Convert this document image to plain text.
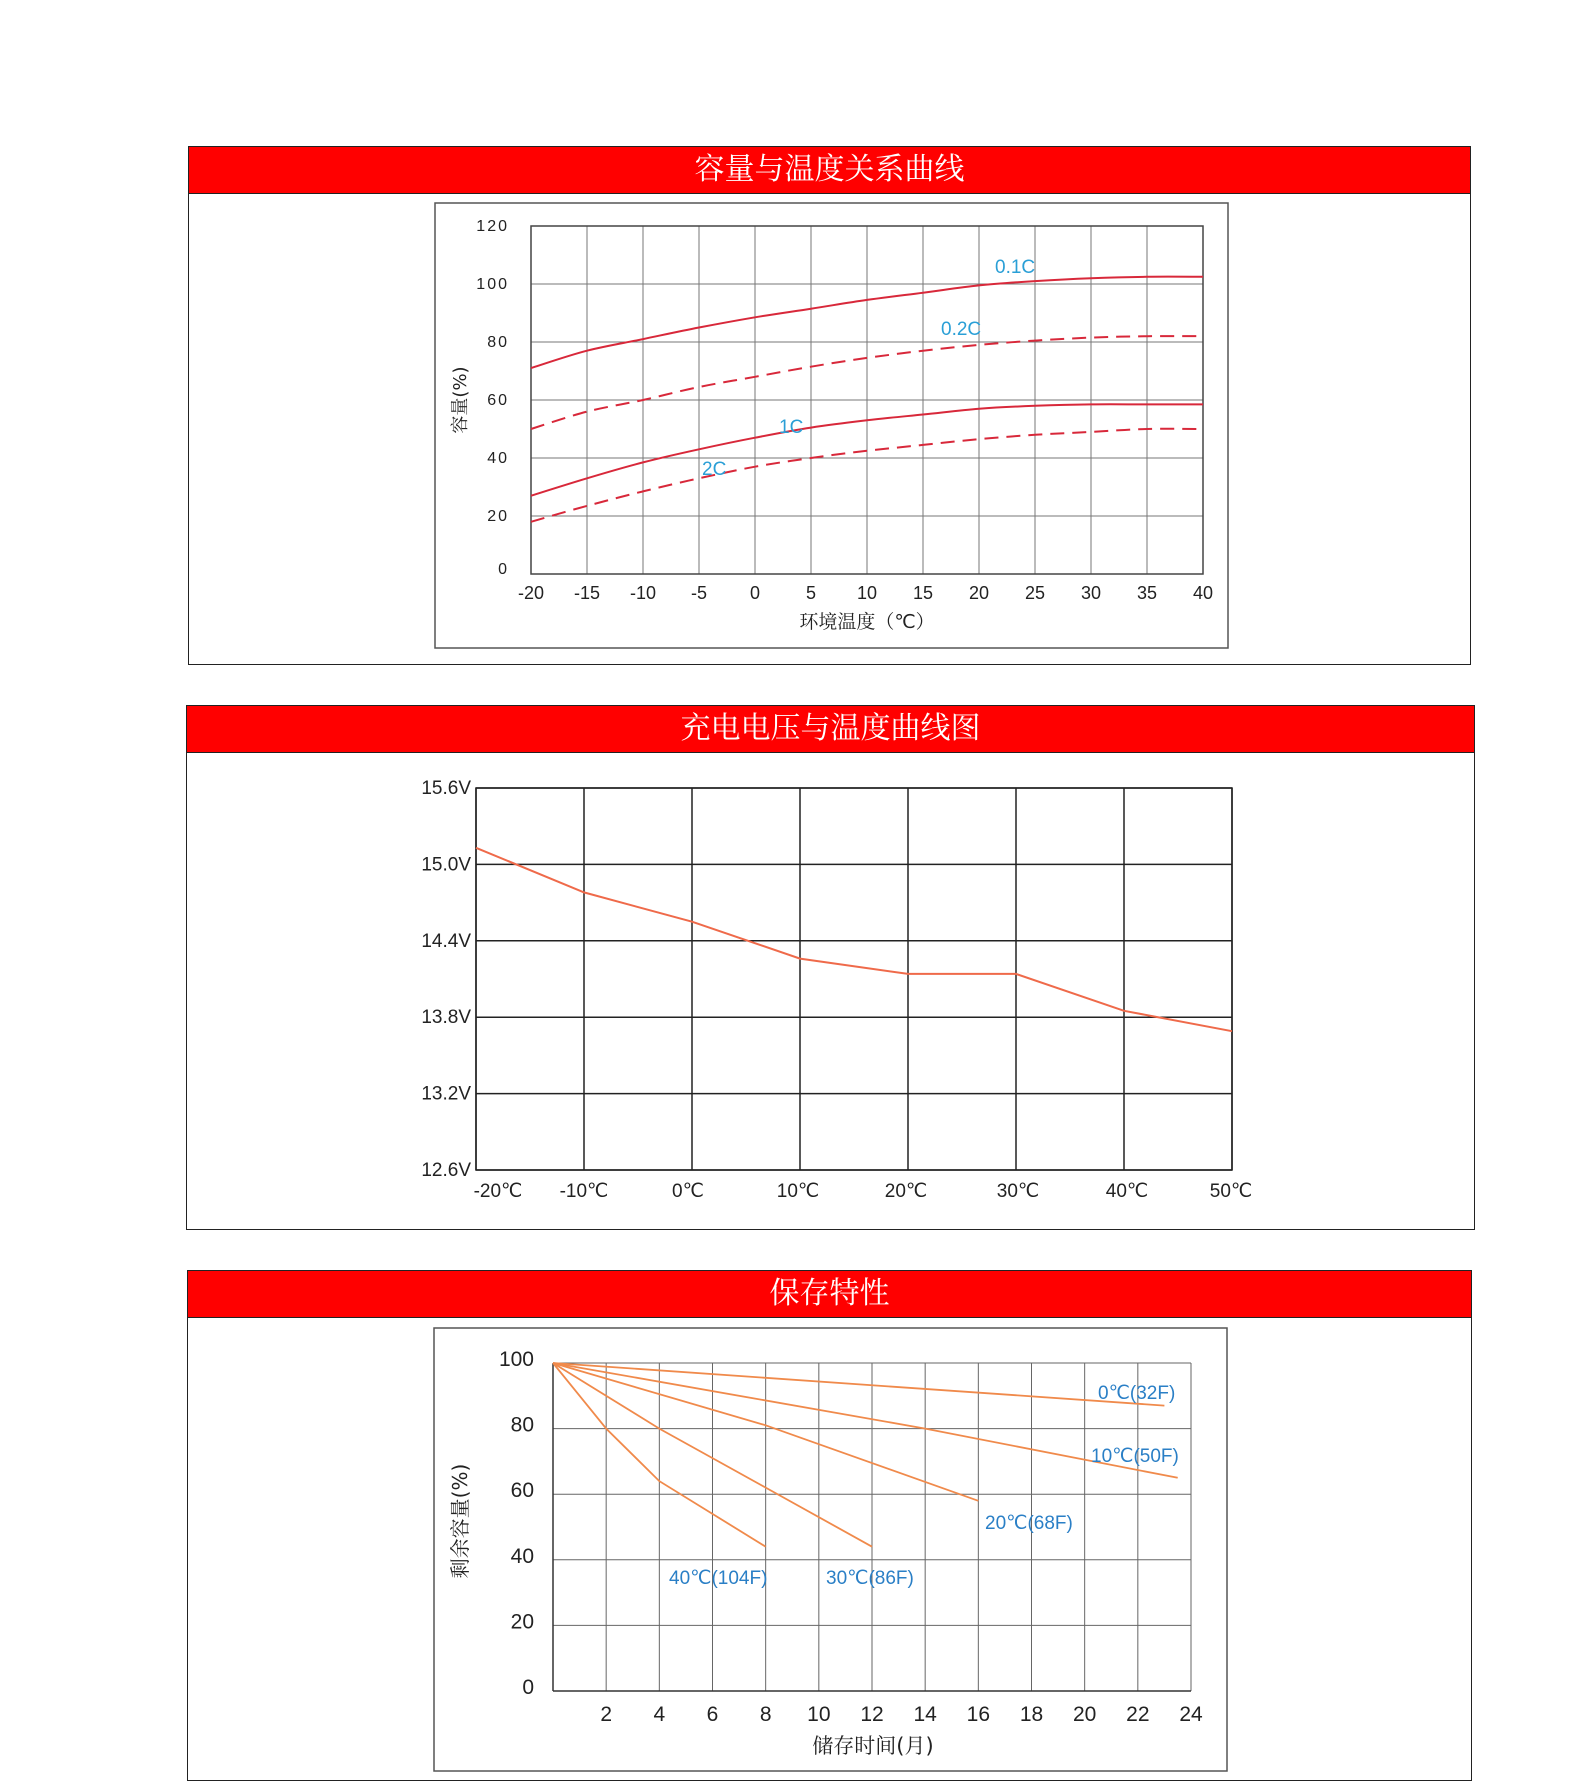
容量与温度关系曲线
-20 -15 -10 -5 0	5 10 15 20 25 30 35 40
0
20
40
60
80
100
120
环境温度（℃）
容量(%)
0.1C
0.2C
1C
2C
充电电压与温度曲线图
-20℃ -10℃	0℃	10℃	20℃	30℃	40℃	50℃
12.6V
13.2V
13.8V
14.4V
15.0V
15.6V
保存特性
2 4 6 8 10 12 14 16 18 20 22 24
0
20
40
60
80
100
储存时间(月)
剩余容量(%)
0℃(32F)
10℃(50F)
20℃(68F)
30℃(86F)
40℃(104F)
